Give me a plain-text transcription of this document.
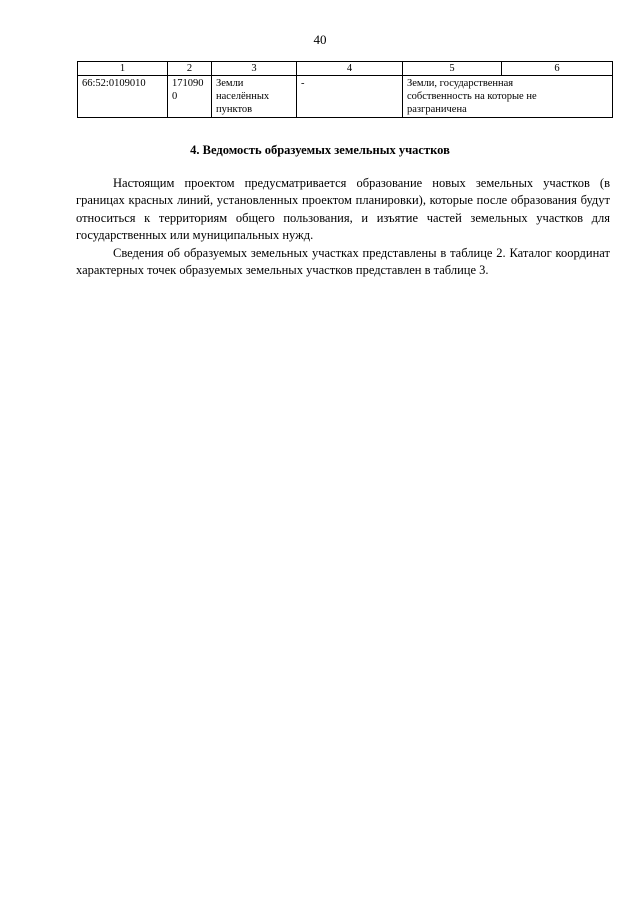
40
1	2	3	4	5	6
66:52:0109010	1710900	Земли населённых пунктов	-	Земли, государственная собственность на которые не разграничена	
4. Ведомость образуемых земельных участков

Настоящим проектом предусматривается образование новых земельных участков (в границах красных линий, установленных проектом планировки), которые после образования будут относиться к территориям общего пользования, и изъятие частей земельных участков для государственных или муниципальных нужд.

Сведения об образуемых земельных участках представлены в таблице 2. Каталог координат характерных точек образуемых земельных участков представлен в таблице 3.
